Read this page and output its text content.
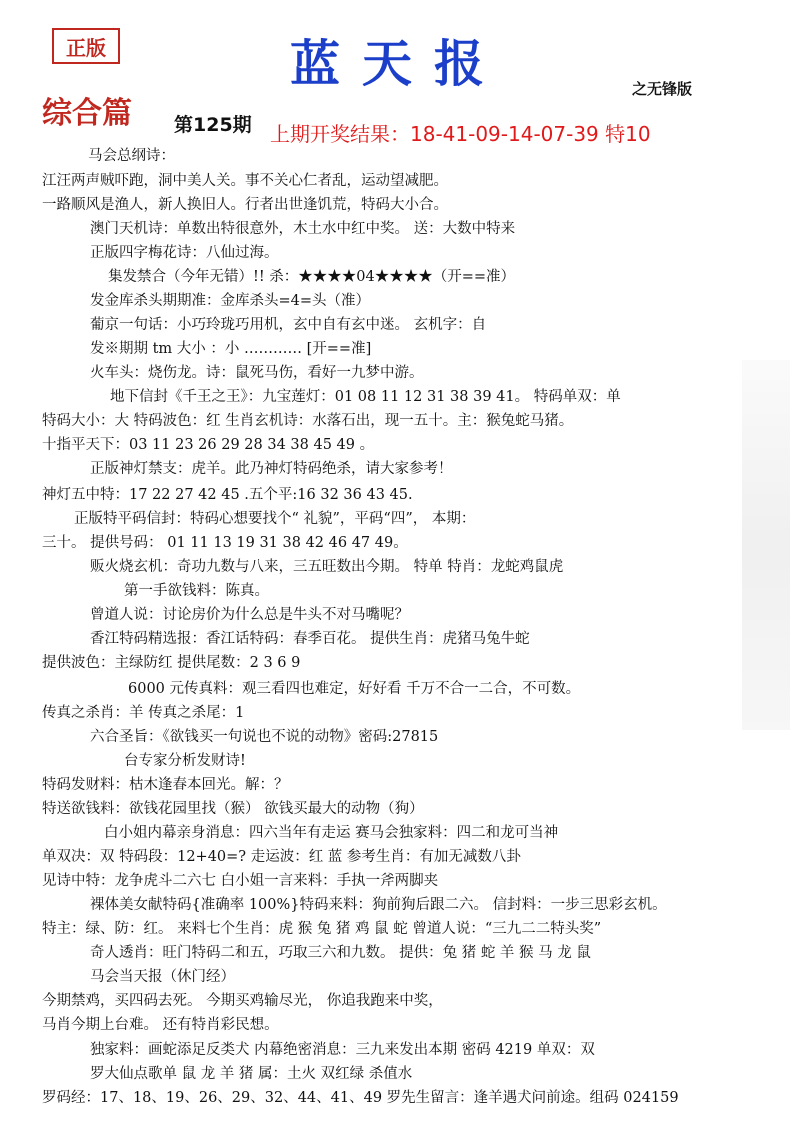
正版	蓝天报	之无锋版
综合篇 第125期 上期开奖结果：18-41-09-14-07-39 特10
马会总纲诗：
江汪两声贼吓跑，洞中美人关。事不关心仁者乱，运动望减肥。
一路顺风是渔人，新人换旧人。行者出世逢饥荒，特码大小合。
澳门天机诗：单数出特很意外，木土水中红中奖。 送：大数中特来
正版四字梅花诗：八仙过海。
集发禁合（今年无错）!! 杀：★★★★04★★★★（开==准）
发金库杀头期期准：金库杀头=4=头（准）
葡京一句话：小巧玲珑巧用机，玄中自有玄中迷。 玄机字：自
发※期期 tm 大小 ：小 ………… [开==准]
火车头：烧伤龙。诗：鼠死马伤，看好一九梦中游。
地下信封《千王之王》：九宝莲灯：01 08 11 12 31 38 39 41。 特码单双：单
特码大小：大 特码波色：红 生肖玄机诗：水落石出，现一五十。主：猴兔蛇马猪。
十指平天下：03 11 23 26 29 28 34 38 45 49 。
正版神灯禁支：虎羊。此乃神灯特码绝杀，请大家参考！
神灯五中特：17 22 27 42 45 .五个平:16 32 36 43 45.
正版特平码信封：特码心想要找个“ 礼貌”，平码“四”， 本期：
三十。 提供号码： 01 11 13 19 31 38 42 46 47 49。
贩火烧玄机：奇功九数与八来，三五旺数出今期。 特单 特肖：龙蛇鸡鼠虎
第一手欲钱料：陈真。
曾道人说：讨论房价为什么总是牛头不对马嘴呢？
香江特码精选报：香江话特码：春季百花。 提供生肖：虎猪马兔牛蛇
提供波色：主绿防红 提供尾数：2 3 6 9
6000 元传真料：观三看四也难定，好好看 千万不合一二合，不可数。
传真之杀肖：羊 传真之杀尾：1
六合圣旨：《欲钱买一句说也不说的动物》密码:27815
台专家分析发财诗!
特码发财料：枯木逢春本回光。解：？
特送欲钱料：欲钱花园里找（猴） 欲钱买最大的动物（狗）
白小姐内幕亲身消息：四六当年有走运 赛马会独家料：四二和龙可当神
单双决：双 特码段：12+40=? 走运波：红 蓝 参考生肖：有加无减数八卦
见诗中特：龙争虎斗二六七 白小姐一言来料：手执一斧两脚夹
裸体美女献特码{准确率 100%}特码来料：狗前狗后跟二六。 信封料：一步三思彩玄机。
特主：绿、防：红。 来料七个生肖：虎 猴 兔 猪 鸡 鼠 蛇 曾道人说：“三九二二特头奖”
奇人透肖：旺门特码二和五，巧取三六和九数。 提供：兔 猪 蛇 羊 猴 马 龙 鼠
马会当天报（休门经）
今期禁鸡，买四码去死。 今期买鸡输尽光， 你追我跑来中奖，
马肖今期上台难。 还有特肖彩民想。
独家料：画蛇添足反类犬 内幕绝密消息：三九来发出本期 密码 4219 单双：双
罗大仙点歌单 鼠 龙 羊 猪 属：土火 双红绿 杀值水
罗码经：17、18、19、26、29、32、44、41、49 罗先生留言：逢羊遇犬问前途。组码 024159
